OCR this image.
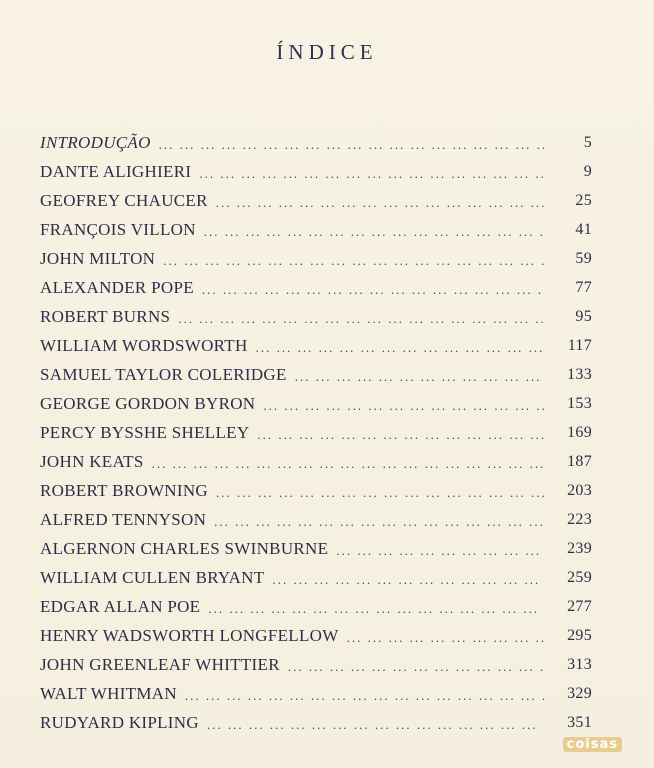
ÍNDICE
INTRODUÇÃO ... .	5
DANTE ALIGHIERI ... .	9
GEOFREY CHAUCER ... .	25
FRANÇOIS VILLON ... .	41
JOHN MILTON ... .	59
ALEXANDER POPE ... .	77
ROBERT BURNS ... .	95
WILLIAM WORDSWORTH ... .	117
SAMUEL TAYLOR COLERIDGE ... .	133
GEORGE GORDON BYRON ... .	153
PERCY BYSSHE SHELLEY ... .	169
JOHN KEATS ... .	187
ROBERT BROWNING ... .	203
ALFRED TENNYSON ... .	223
ALGERNON CHARLES SWINBURNE ... .	239
WILLIAM CULLEN BRYANT ... .	259
EDGAR ALLAN POE ... .	277
HENRY WADSWORTH LONGFELLOW ... .	295
JOHN GREENLEAF WHITTIER ... .	313
WALT WHITMAN ... .	329
RUDYARD KIPLING ... .	351
coisas
